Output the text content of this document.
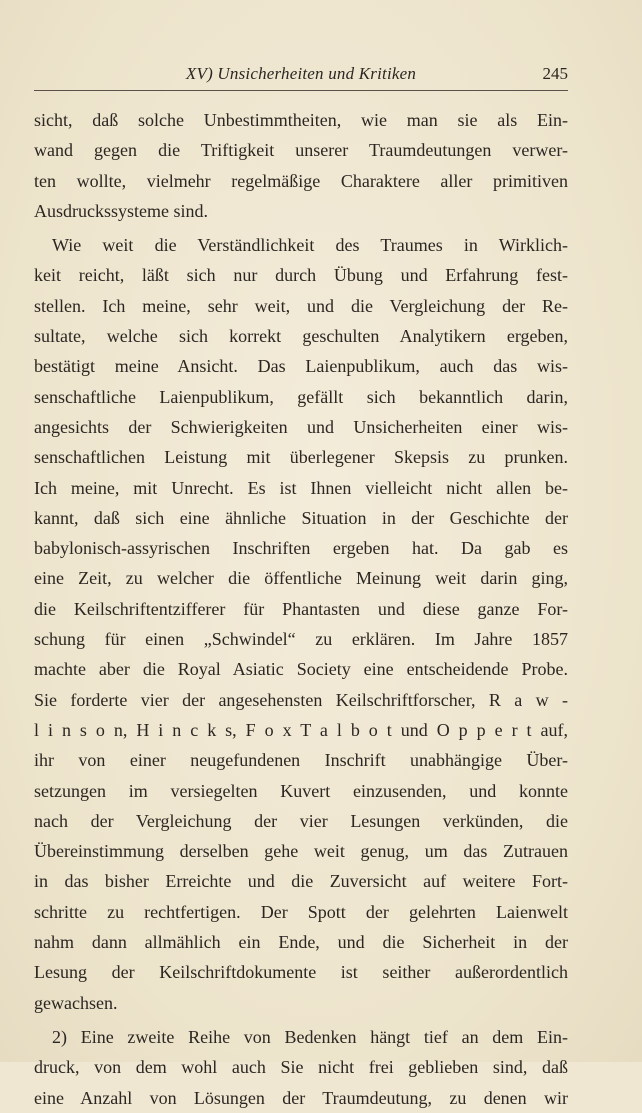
XV) Unsicherheiten und Kritiken	245
sicht, daß solche Unbestimmtheiten, wie man sie als Ein-
wand gegen die Triftigkeit unserer Traumdeutungen verwer-
ten wollte, vielmehr regelmäßige Charaktere aller primitiven
Ausdruckssysteme sind.
Wie weit die Verständlichkeit des Traumes in Wirklich-
keit reicht, läßt sich nur durch Übung und Erfahrung fest-
stellen. Ich meine, sehr weit, und die Vergleichung der Re-
sultate, welche sich korrekt geschulten Analytikern ergeben,
bestätigt meine Ansicht. Das Laienpublikum, auch das wis-
senschaftliche Laienpublikum, gefällt sich bekanntlich darin,
angesichts der Schwierigkeiten und Unsicherheiten einer wis-
senschaftlichen Leistung mit überlegener Skepsis zu prunken.
Ich meine, mit Unrecht. Es ist Ihnen vielleicht nicht allen be-
kannt, daß sich eine ähnliche Situation in der Geschichte der
babylonisch-assyrischen Inschriften ergeben hat. Da gab es
eine Zeit, zu welcher die öffentliche Meinung weit darin ging,
die Keilschriftentzifferer für Phantasten und diese ganze For-
schung für einen „Schwindel“ zu erklären. Im Jahre 1857
machte aber die Royal Asiatic Society eine entscheidende Probe.
Sie forderte vier der angesehensten Keilschriftforscher, R a w -
l i n s o n, H i n c k s, F o x T a l b o t und O p p e r t auf,
ihr von einer neugefundenen Inschrift unabhängige Über-
setzungen im versiegelten Kuvert einzusenden, und konnte
nach der Vergleichung der vier Lesungen verkünden, die
Übereinstimmung derselben gehe weit genug, um das Zutrauen
in das bisher Erreichte und die Zuversicht auf weitere Fort-
schritte zu rechtfertigen. Der Spott der gelehrten Laienwelt
nahm dann allmählich ein Ende, und die Sicherheit in der
Lesung der Keilschriftdokumente ist seither außerordentlich
gewachsen.
2) Eine zweite Reihe von Bedenken hängt tief an dem Ein-
druck, von dem wohl auch Sie nicht frei geblieben sind, daß
eine Anzahl von Lösungen der Traumdeutung, zu denen wir
